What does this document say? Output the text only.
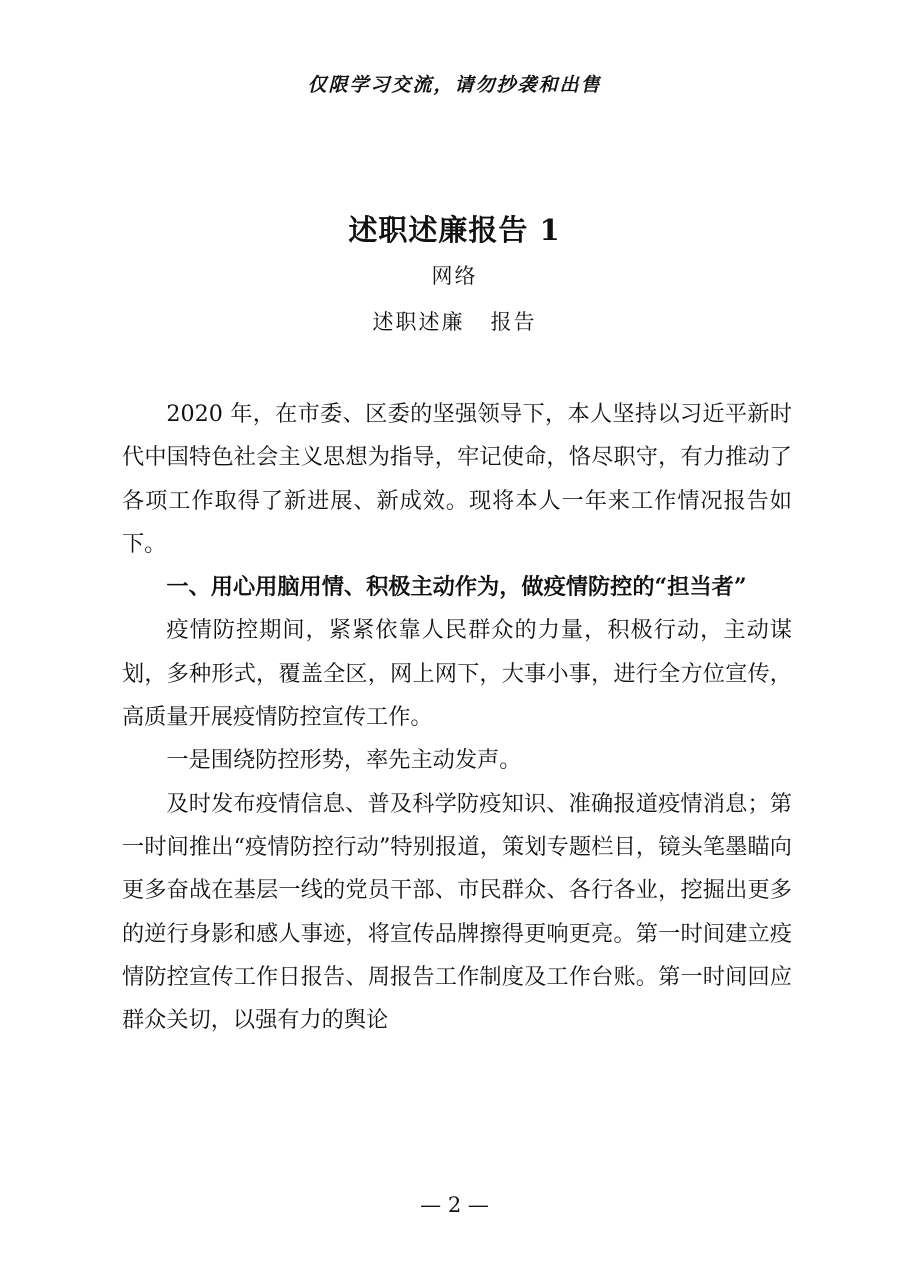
仅限学习交流，请勿抄袭和出售
述职述廉报告 1
网络
述职述廉 报告

2020 年，在市委、区委的坚强领导下，本人坚持以习近平新时代中国特色社会主义思想为指导，牢记使命，恪尽职守，有力推动了各项工作取得了新进展、新成效。现将本人一年来工作情况报告如下。

一、用心用脑用情、积极主动作为，做疫情防控的“担当者”

疫情防控期间，紧紧依靠人民群众的力量，积极行动，主动谋划，多种形式，覆盖全区，网上网下，大事小事，进行全方位宣传，高质量开展疫情防控宣传工作。

一是围绕防控形势，率先主动发声。

及时发布疫情信息、普及科学防疫知识、准确报道疫情消息；第一时间推出“疫情防控行动”特别报道，策划专题栏目，镜头笔墨瞄向更多奋战在基层一线的党员干部、市民群众、各行各业，挖掘出更多的逆行身影和感人事迹，将宣传品牌擦得更响更亮。第一时间建立疫情防控宣传工作日报告、周报告工作制度及工作台账。第一时间回应群众关切，以强有力的舆论

— 2 —
